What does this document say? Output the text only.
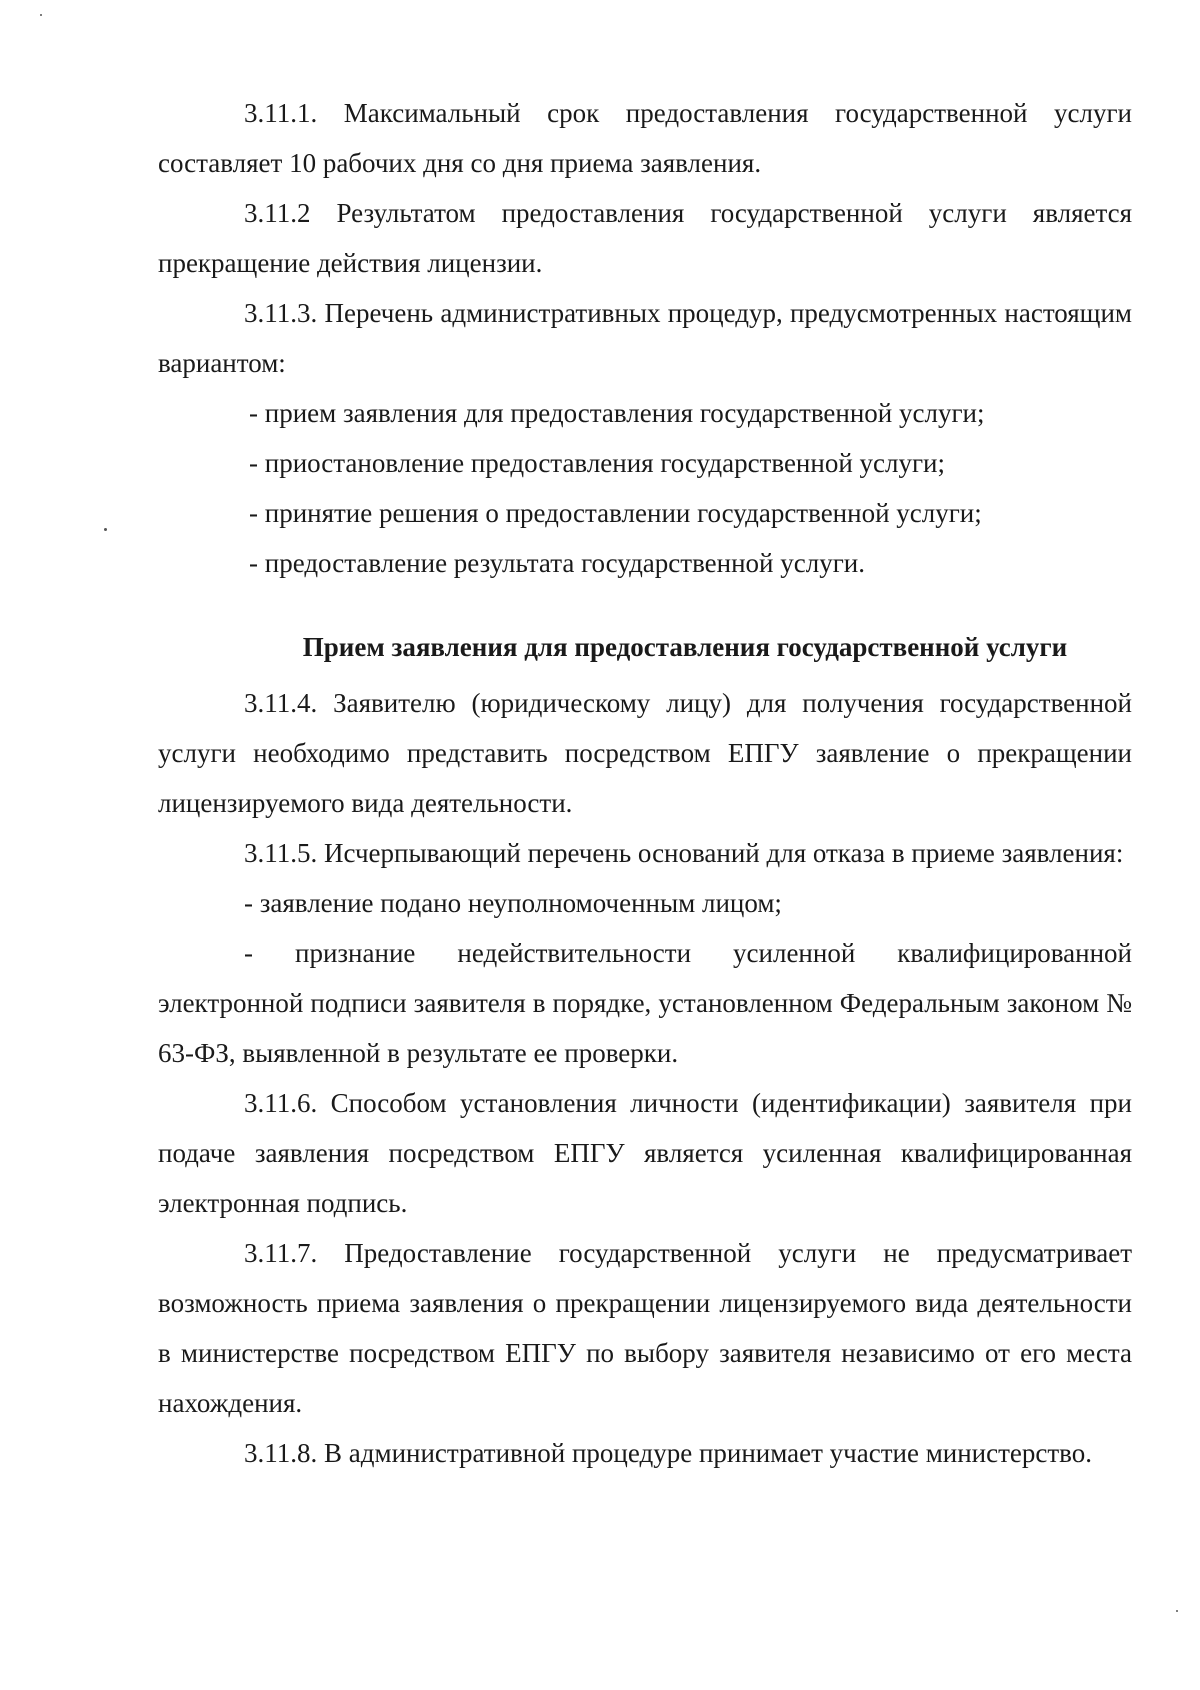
3.11.1. Максимальный срок предоставления государственной услуги составляет 10 рабочих дня со дня приема заявления.

3.11.2 Результатом предоставления государственной услуги является прекращение действия лицензии.

3.11.3. Перечень административных процедур, предусмотренных настоящим вариантом:

- прием заявления для предоставления государственной услуги;

- приостановление предоставления государственной услуги;

- принятие решения о предоставлении государственной услуги;

- предоставление результата государственной услуги.

Прием заявления для предоставления государственной услуги

3.11.4. Заявителю (юридическому лицу) для получения государственной услуги необходимо представить посредством ЕПГУ заявление о прекращении лицензируемого вида деятельности.

3.11.5. Исчерпывающий перечень оснований для отказа в приеме заявления:

- заявление подано неуполномоченным лицом;

- признание недействительности усиленной квалифицированной электронной подписи заявителя в порядке, установленном Федеральным законом № 63-ФЗ, выявленной в результате ее проверки.

3.11.6. Способом установления личности (идентификации) заявителя при подаче заявления посредством ЕПГУ является усиленная квалифицированная электронная подпись.

3.11.7. Предоставление государственной услуги не предусматривает возможность приема заявления о прекращении лицензируемого вида деятельности в министерстве посредством ЕПГУ по выбору заявителя независимо от его места нахождения.

3.11.8. В административной процедуре принимает участие министерство.
